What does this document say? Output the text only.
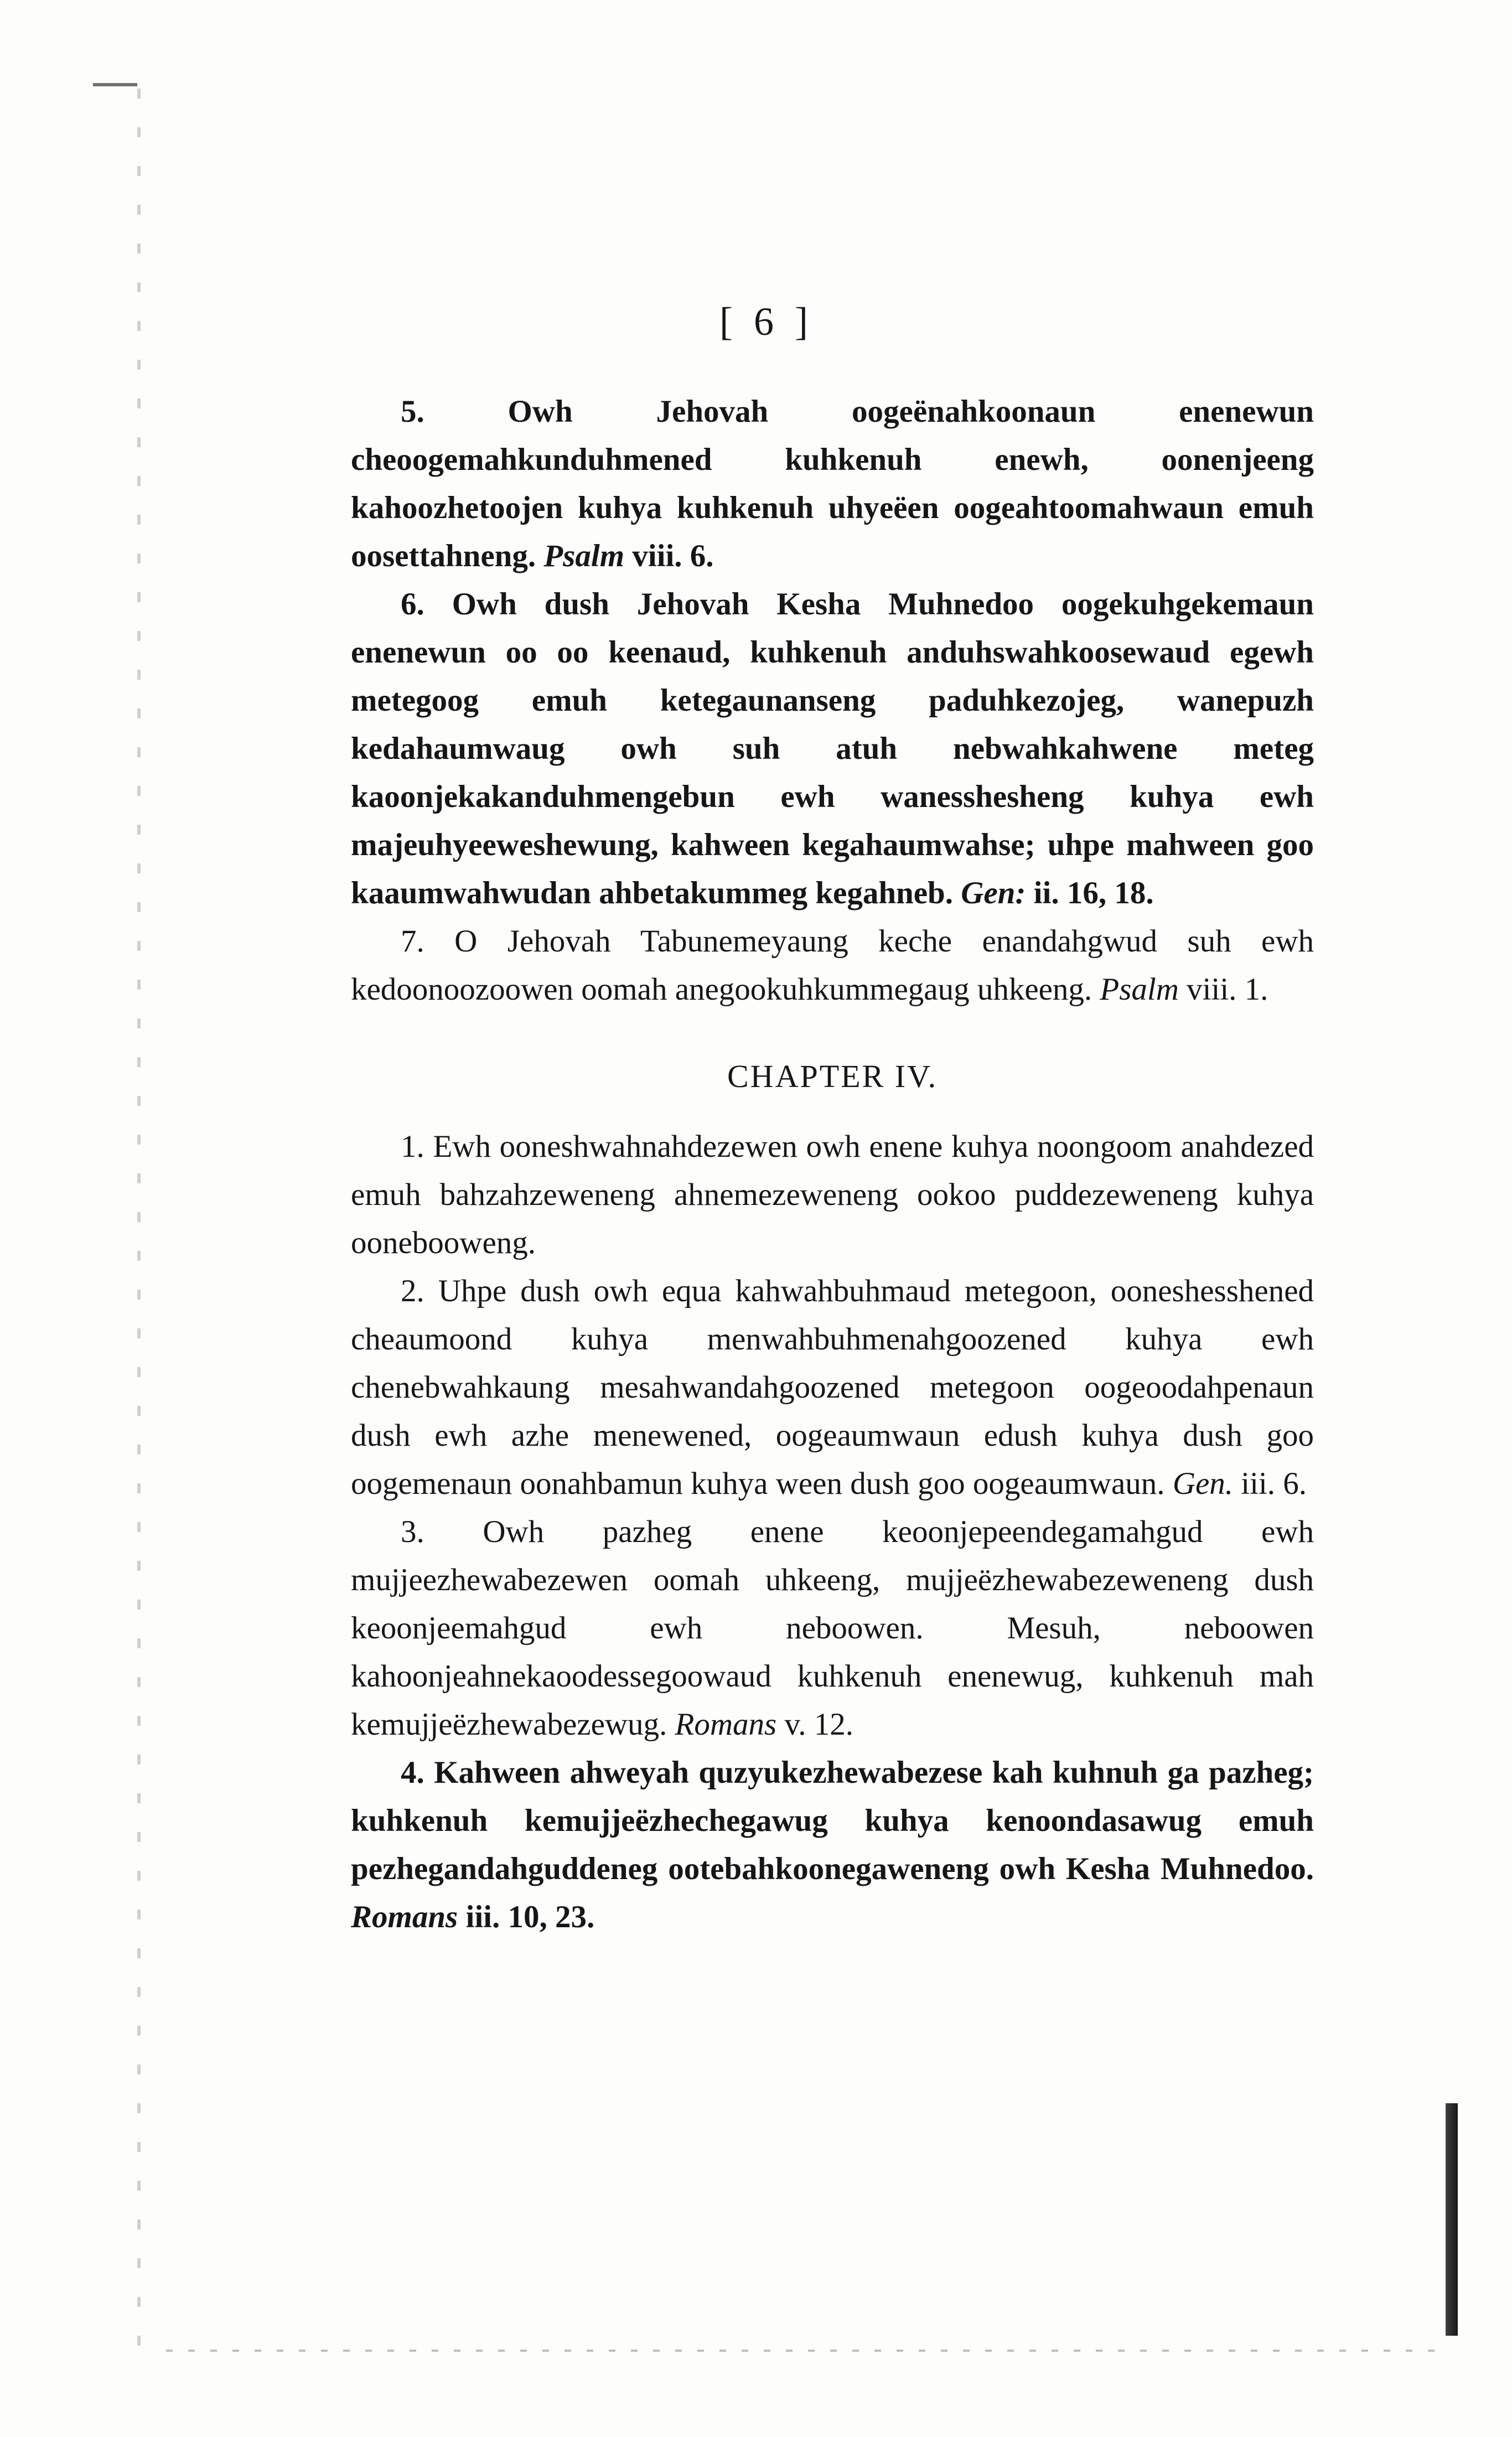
[ 6 ]

5. Owh Jehovah oogeënahkoonaun enenewun cheoogemahkunduhmened kuhkenuh enewh, oonenjeeng kahoozhetoojen kuhya kuhkenuh uhyeëen oogeahtoomahwaun emuh oosettahneng. Psalm viii. 6.

6. Owh dush Jehovah Kesha Muhnedoo oogekuhgekemaun enenewun oo oo keenaud, kuhkenuh anduhswahkoosewaud egewh metegoog emuh ketegaunanseng paduhkezojeg, wanepuzh kedahaumwaug owh suh atuh nebwahkahwene meteg kaoonjekakanduhmengebun ewh wanesshesheng kuhya ewh majeuhyeeweshewung, kahween kegahaumwahse; uhpe mahween goo kaaumwahwudan ahbetakummeg kegahneb. Gen: ii. 16, 18.

7. O Jehovah Tabunemeyaung keche enandahgwud suh ewh kedoonoozoowen oomah anegookuhkummegaug uhkeeng. Psalm viii. 1.

CHAPTER IV.

1. Ewh ooneshwahnahdezewen owh enene kuhya noongoom anahdezed emuh bahzahzeweneng ahnemezeweneng ookoo puddezeweneng kuhya ooneboowеng.

2. Uhpe dush owh equa kahwahbuhmaud metegoon, ooneshesshened cheaumoond kuhya menwahbuhmenahgoozened kuhya ewh chenebwahkaung mesahwandahgoozened metegoon oogeoodahpenaun dush ewh azhe menewened, oogeaumwaun edush kuhya dush goo oogemenaun oonahbamun kuhya ween dush goo oogeaumwaun. Gen. iii. 6.

3. Owh pazheg enene keoonjepeendegamahgud ewh mujjeezhewabezewen oomah uhkeeng, mujjeëzhewabezeweneng dush keoonjeemahgud ewh neboowen. Mesuh, neboowen kahoonjeahnekaoodessegoowaud kuhkenuh enenewug, kuhkenuh mah kemujjeëzhewabezewug. Romans v. 12.

4. Kahween ahweyah quzyukezhewabezese kah kuhnuh ga pazheg; kuhkenuh kemujjeëzhechegawug kuhya kenoondasawug emuh pezhegandahguddeneg ootebahkoonegaweneng owh Kesha Muhnedoo. Romans iii. 10, 23.
